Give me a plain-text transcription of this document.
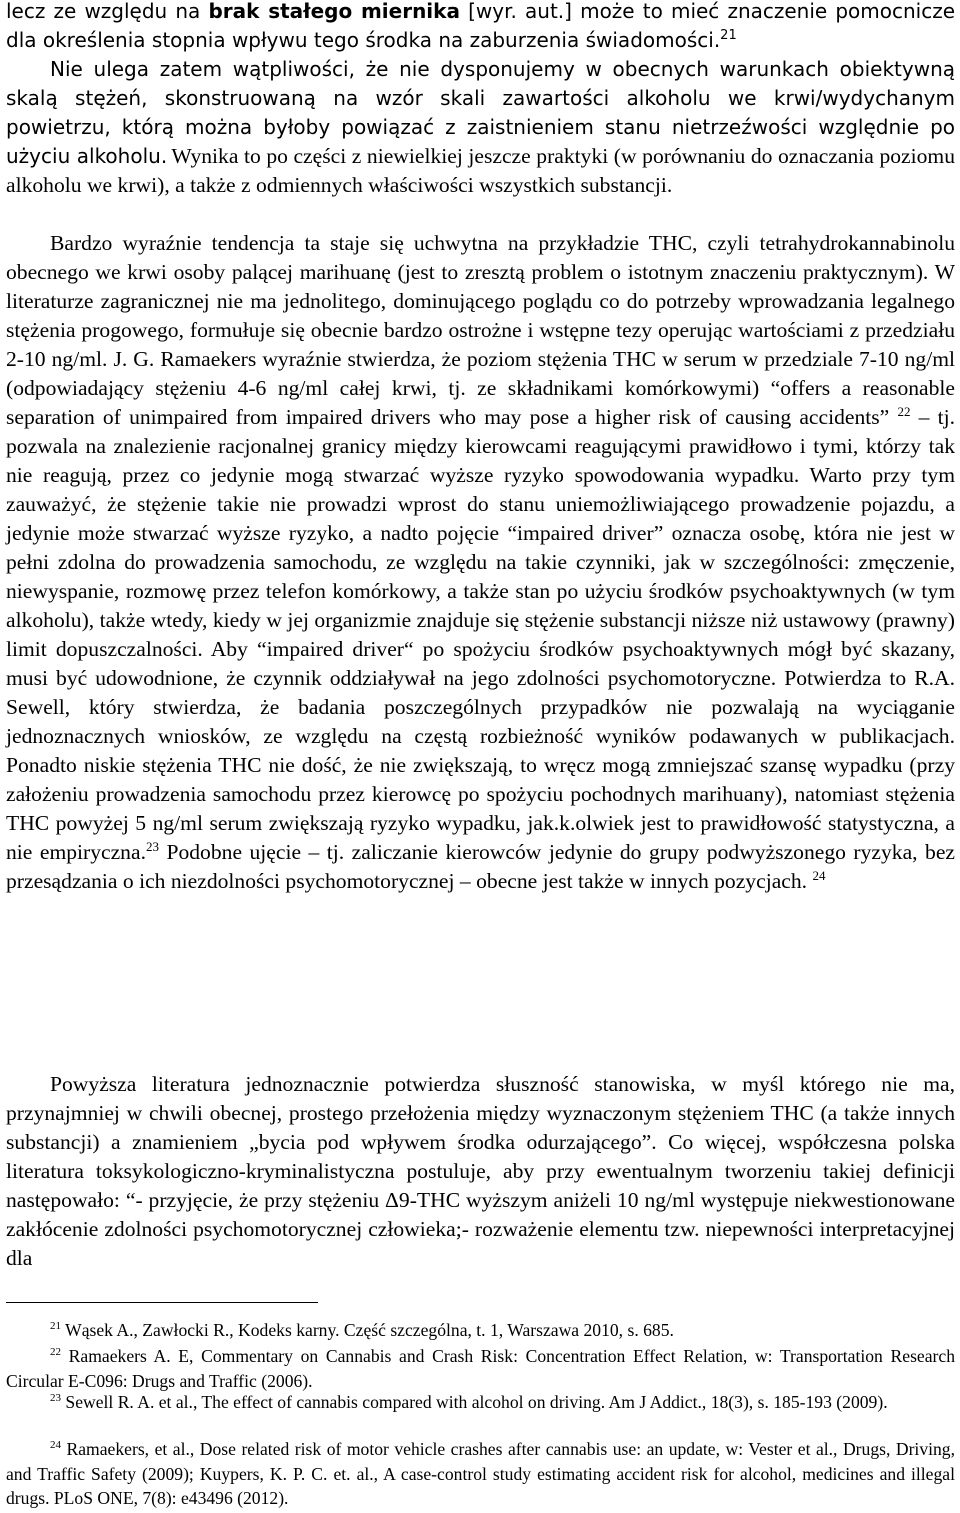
lecz ze względu na brak stałego miernika [wyr. aut.] może to mieć znaczenie pomocnicze dla określenia stopnia wpływu tego środka na zaburzenia świadomości.$^{21}$

Nie ulega zatem wątpliwości, że nie dysponujemy w obecnych warunkach obiektywną skalą stężeń, skonstruowaną na wzór skali zawartości alkoholu we krwi/wydychanym powietrzu, którą można byłoby powiązać z zaistnieniem stanu nietrzeźwości względnie po użyciu alkoholu. Wynika to po części z niewielkiej jeszcze praktyki (w porównaniu do oznaczania poziomu alkoholu we krwi), a także z odmiennych właściwości wszystkich substancji.

Bardzo wyraźnie tendencja ta staje się uchwytna na przykładzie THC, czyli tetrahydrokannabinolu obecnego we krwi osoby palącej marihuanę (jest to zresztą problem o istotnym znaczeniu praktycznym). W literaturze zagranicznej nie ma jednolitego, dominującego poglądu co do potrzeby wprowadzania legalnego stężenia progowego, formułuje się obecnie bardzo ostrożne i wstępne tezy operując wartościami z przedziału 2-10 ng/ml. J. G. Ramaekers wyraźnie stwierdza, że poziom stężenia THC w serum w przedziale 7-10 ng/ml (odpowiadający stężeniu 4-6 ng/ml całej krwi, tj. ze składnikami komórkowymi) “offers a reasonable separation of unimpaired from impaired drivers who may pose a higher risk of causing accidents” $^{22}$ – tj. pozwala na znalezienie racjonalnej granicy między kierowcami reagującymi prawidłowo i tymi, którzy tak nie reagują, przez co jedynie mogą stwarzać wyższe ryzyko spowodowania wypadku. Warto przy tym zauważyć, że stężenie takie nie prowadzi wprost do stanu uniemożliwiającego prowadzenie pojazdu, a jedynie może stwarzać wyższe ryzyko, a nadto pojęcie “impaired driver” oznacza osobę, która nie jest w pełni zdolna do prowadzenia samochodu, ze względu na takie czynniki, jak w szczególności: zmęczenie, niewyspanie, rozmowę przez telefon komórkowy, a także stan po użyciu środków psychoaktywnych (w tym alkoholu), także wtedy, kiedy w jej organizmie znajduje się stężenie substancji niższe niż ustawowy (prawny) limit dopuszczalności. Aby “impaired driver“ po spożyciu środków psychoaktywnych mógł być skazany, musi być udowodnione, że czynnik oddziaływał na jego zdolności psychomotoryczne. Potwierdza to R.A. Sewell, który stwierdza, że badania poszczególnych przypadków nie pozwalają na wyciąganie jednoznacznych wniosków, ze względu na częstą rozbieżność wyników podawanych w publikacjach. Ponadto niskie stężenia THC nie dość, że nie zwiększają, to wręcz mogą zmniejszać szansę wypadku (przy założeniu prowadzenia samochodu przez kierowcę po spożyciu pochodnych marihuany), natomiast stężenia THC powyżej 5 ng/ml serum zwiększają ryzyko wypadku, jak.k.olwiek jest to prawidłowość statystyczna, a nie empiryczna.$^{23}$ Podobne ujęcie – tj. zaliczanie kierowców jedynie do grupy podwyższonego ryzyka, bez przesądzania o ich niezdolności psychomotorycznej – obecne jest także w innych pozycjach. $^{24}$

Powyższa literatura jednoznacznie potwierdza słuszność stanowiska, w myśl którego nie ma, przynajmniej w chwili obecnej, prostego przełożenia między wyznaczonym stężeniem THC (a także innych substancji) a znamieniem „bycia pod wpływem środka odurzającego”. Co więcej, współczesna polska literatura toksykologiczno-kryminalistyczna postuluje, aby przy ewentualnym tworzeniu takiej definicji następowało: “- przyjęcie, że przy stężeniu Δ9-THC wyższym aniżeli 10 ng/ml występuje niekwestionowane zakłócenie zdolności psychomotorycznej człowieka;- rozważenie elementu tzw. niepewności interpretacyjnej dla

$^{21}$ Wąsek A., Zawłocki R., Kodeks karny. Część szczególna, t. 1, Warszawa 2010, s. 685.

$^{22}$ Ramaekers A. E, Commentary on Cannabis and Crash Risk: Concentration Effect Relation, w: Transportation Research Circular E-C096: Drugs and Traffic (2006).

$^{23}$ Sewell R. A. et al., The effect of cannabis compared with alcohol on driving. Am J Addict., 18(3), s. 185-193 (2009).

$^{24}$ Ramaekers, et al., Dose related risk of motor vehicle crashes after cannabis use: an update, w: Vester et al., Drugs, Driving, and Traffic Safety (2009); Kuypers, K. P. C. et. al., A case-control study estimating accident risk for alcohol, medicines and illegal drugs. PLoS ONE, 7(8): e43496 (2012).
